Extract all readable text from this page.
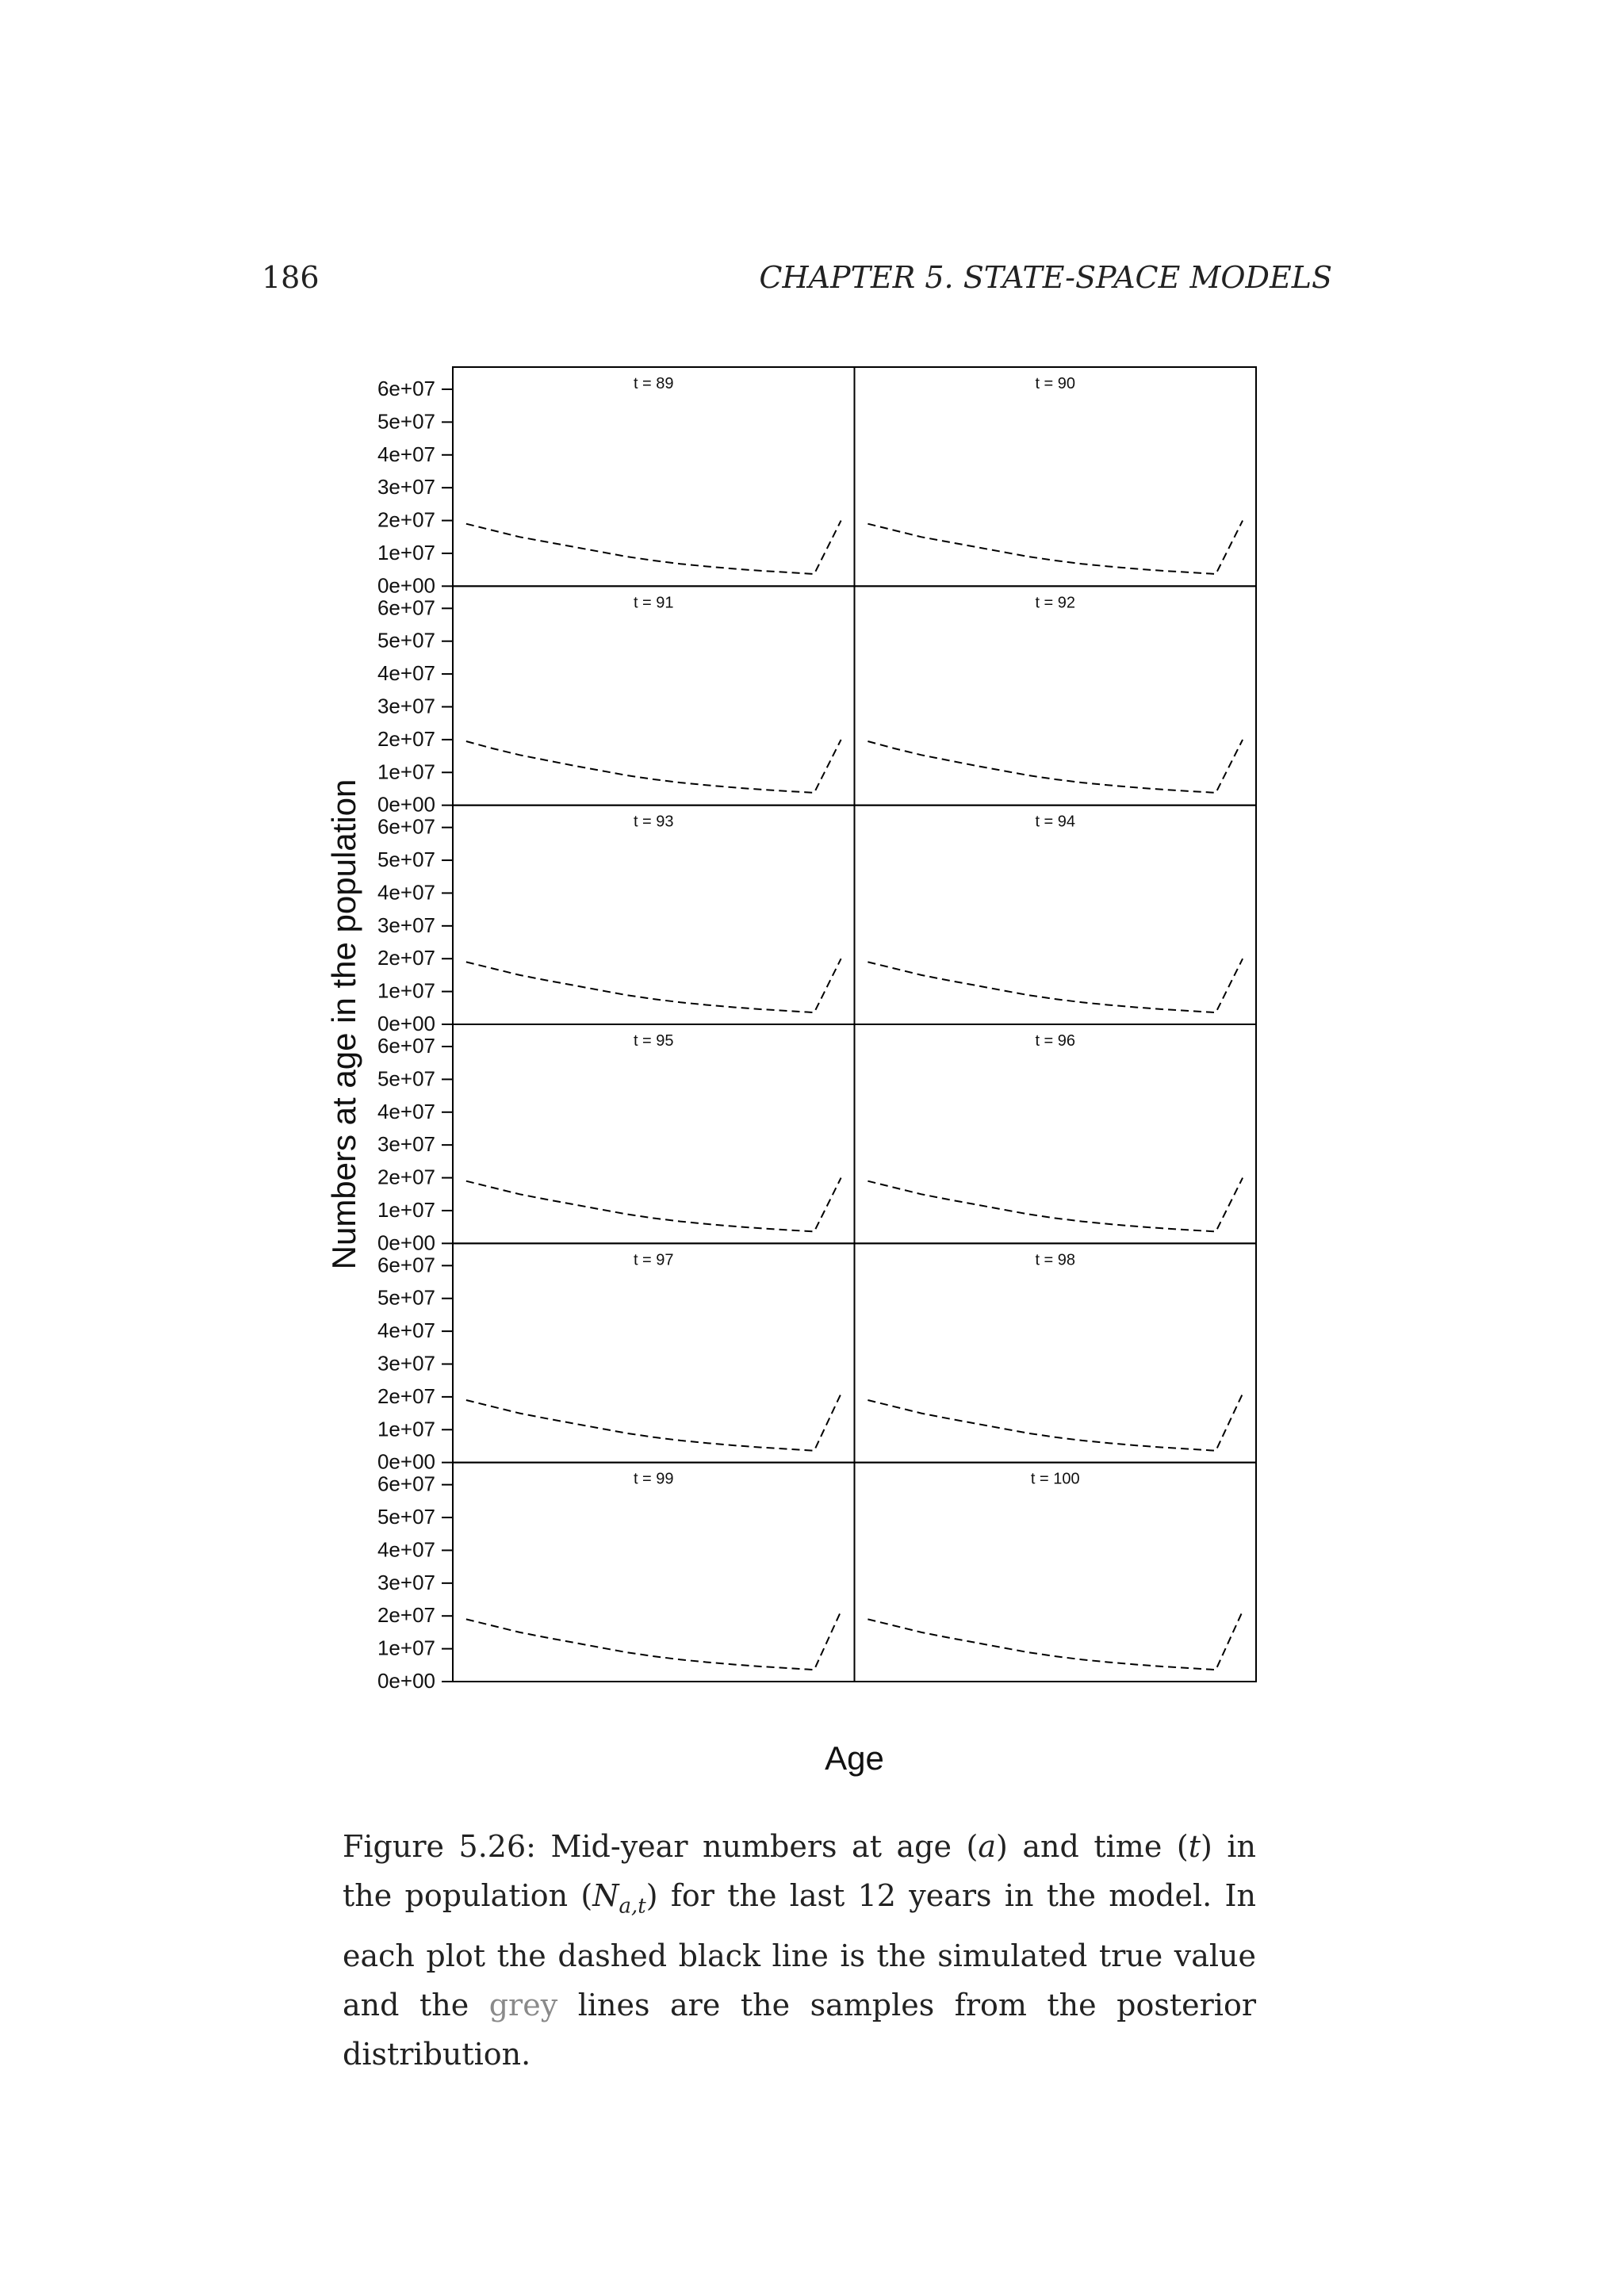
186	CHAPTER 5. STATE-SPACE MODELS
t = 89
0e+00
1e+07
2e+07
3e+07
4e+07
5e+07
6e+07	t = 90
t = 91
0e+00
1e+07
2e+07
3e+07
4e+07
5e+07
6e+07	t = 92
t = 93
0e+00
1e+07
2e+07
3e+07
4e+07
5e+07
6e+07	t = 94
t = 95
0e+00
1e+07
2e+07
3e+07
4e+07
5e+07
6e+07	t = 96
t = 97
0e+00
1e+07
2e+07
3e+07
4e+07
5e+07
6e+07	t = 98
t = 99
0e+00
1e+07
2e+07
3e+07
4e+07
5e+07
6e+07	t = 100
Age
Numbers at age in the population
Figure 5.26: Mid-year numbers at age (a) and time (t) in the population $(N_{a,t})$ for the last 12 years in the model. In each plot the dashed black line is the simulated true value and the grey lines are the samples from the posterior distribution.
